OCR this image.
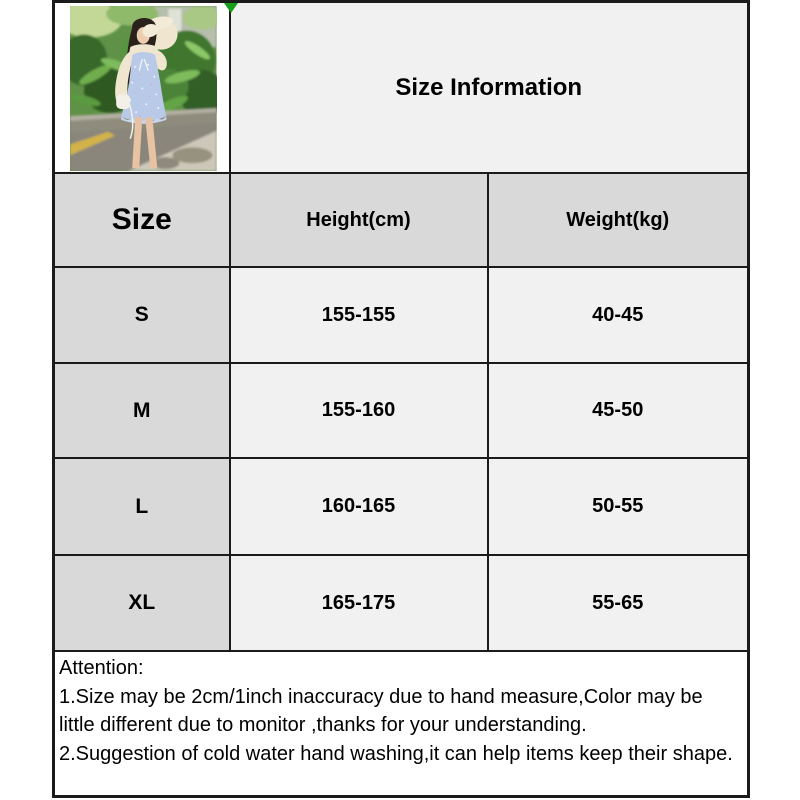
Size Information	
Size	Height(cm)	Weight(kg)
S	155-155	40-45
M	155-160	45-50
L	160-165	50-55
XL	165-175	55-65

Attention:
1.Size may be 2cm/1inch inaccuracy due to hand measure,Color may be little different due to monitor ,thanks for your understanding.
2.Suggestion of cold water hand washing,it can help items keep their shape.		
